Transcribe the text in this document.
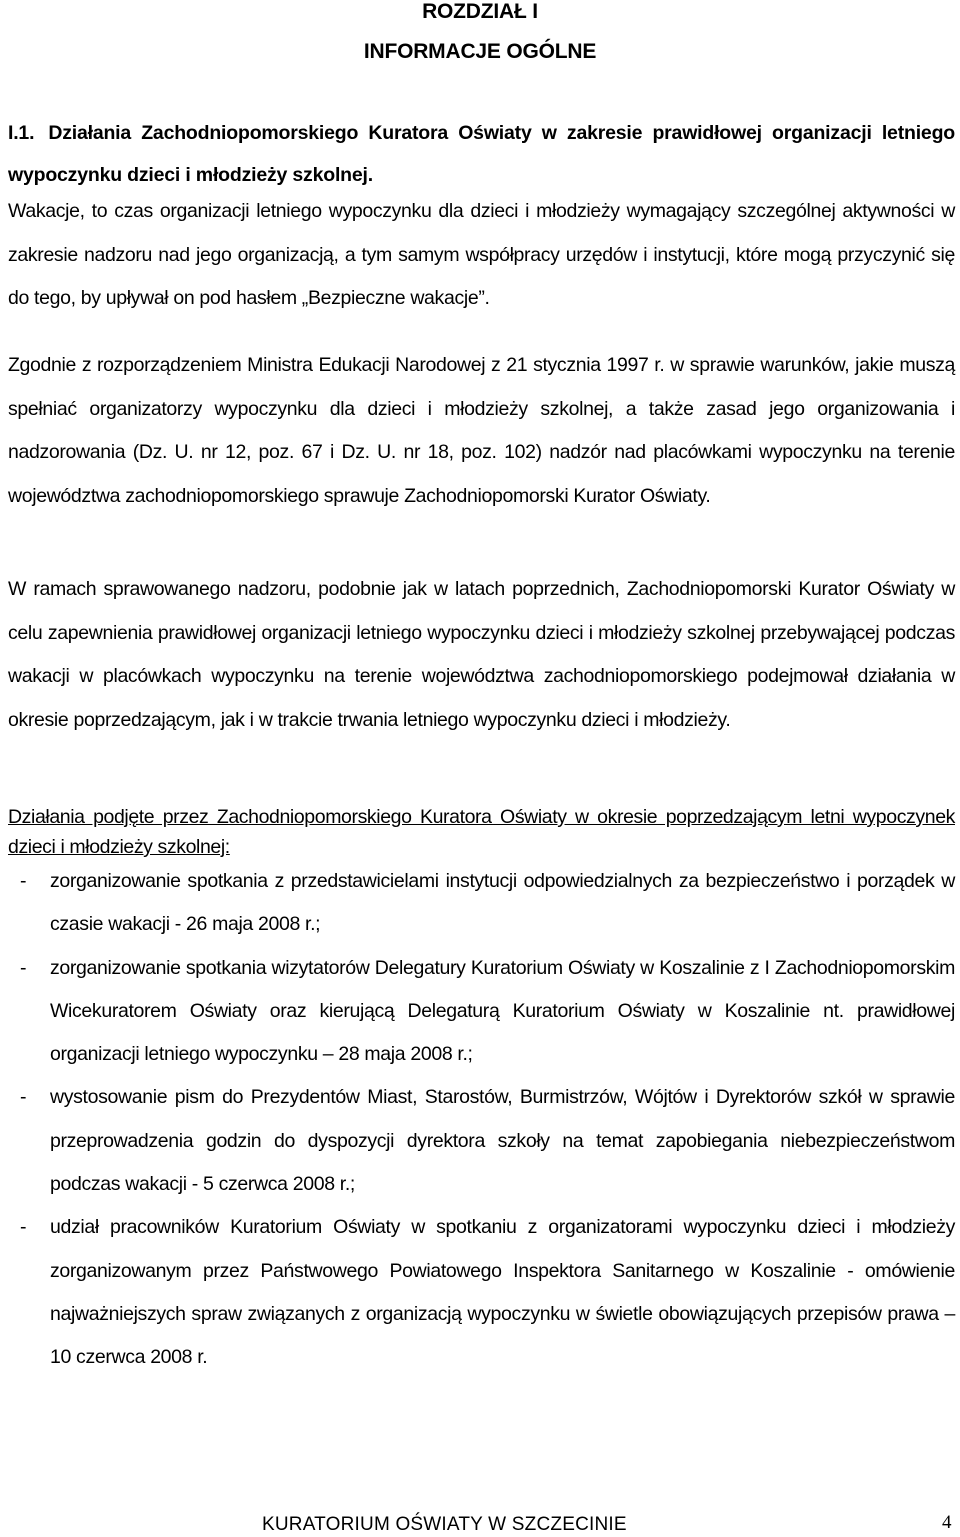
ROZDZIAŁ I
INFORMACJE OGÓLNE
I.1. Działania Zachodniopomorskiego Kuratora Oświaty w zakresie prawidłowej organizacji letniego wypoczynku dzieci i młodzieży szkolnej.
Wakacje, to czas organizacji letniego wypoczynku dla dzieci i młodzieży wymagający szczególnej aktywności w zakresie nadzoru nad jego organizacją, a tym samym współpracy urzędów i instytucji, które mogą przyczynić się do tego, by upływał on pod hasłem „Bezpieczne wakacje”.
Zgodnie z rozporządzeniem Ministra Edukacji Narodowej z 21 stycznia 1997 r. w sprawie warunków, jakie muszą spełniać organizatorzy wypoczynku dla dzieci i młodzieży szkolnej, a także zasad jego organizowania i nadzorowania (Dz. U. nr 12, poz. 67 i Dz. U. nr 18, poz. 102) nadzór nad placówkami wypoczynku na terenie województwa zachodniopomorskiego sprawuje Zachodniopomorski Kurator Oświaty.
W ramach sprawowanego nadzoru, podobnie jak w latach poprzednich, Zachodniopomorski Kurator Oświaty w celu zapewnienia prawidłowej organizacji letniego wypoczynku dzieci i młodzieży szkolnej przebywającej podczas wakacji w placówkach wypoczynku na terenie województwa zachodniopomorskiego podejmował działania w okresie poprzedzającym, jak i w trakcie trwania letniego wypoczynku dzieci i młodzieży.
Działania podjęte przez Zachodniopomorskiego Kuratora Oświaty w okresie poprzedzającym letni wypoczynek dzieci i młodzieży szkolnej:
- zorganizowanie spotkania z przedstawicielami instytucji odpowiedzialnych za bezpieczeństwo i porządek w czasie wakacji - 26 maja 2008 r.;
- zorganizowanie spotkania wizytatorów Delegatury Kuratorium Oświaty w Koszalinie z I Zachodniopomorskim Wicekuratorem Oświaty oraz kierującą Delegaturą Kuratorium Oświaty w Koszalinie nt. prawidłowej organizacji letniego wypoczynku – 28 maja 2008 r.;
- wystosowanie pism do Prezydentów Miast, Starostów, Burmistrzów, Wójtów i Dyrektorów szkół w sprawie przeprowadzenia godzin do dyspozycji dyrektora szkoły na temat zapobiegania niebezpieczeństwom podczas wakacji - 5 czerwca 2008 r.;
- udział pracowników Kuratorium Oświaty w spotkaniu z organizatorami wypoczynku dzieci i młodzieży zorganizowanym przez Państwowego Powiatowego Inspektora Sanitarnego w Koszalinie - omówienie najważniejszych spraw związanych z organizacją wypoczynku w świetle obowiązujących przepisów prawa – 10 czerwca 2008 r.
KURATORIUM OŚWIATY W SZCZECINIE	4
